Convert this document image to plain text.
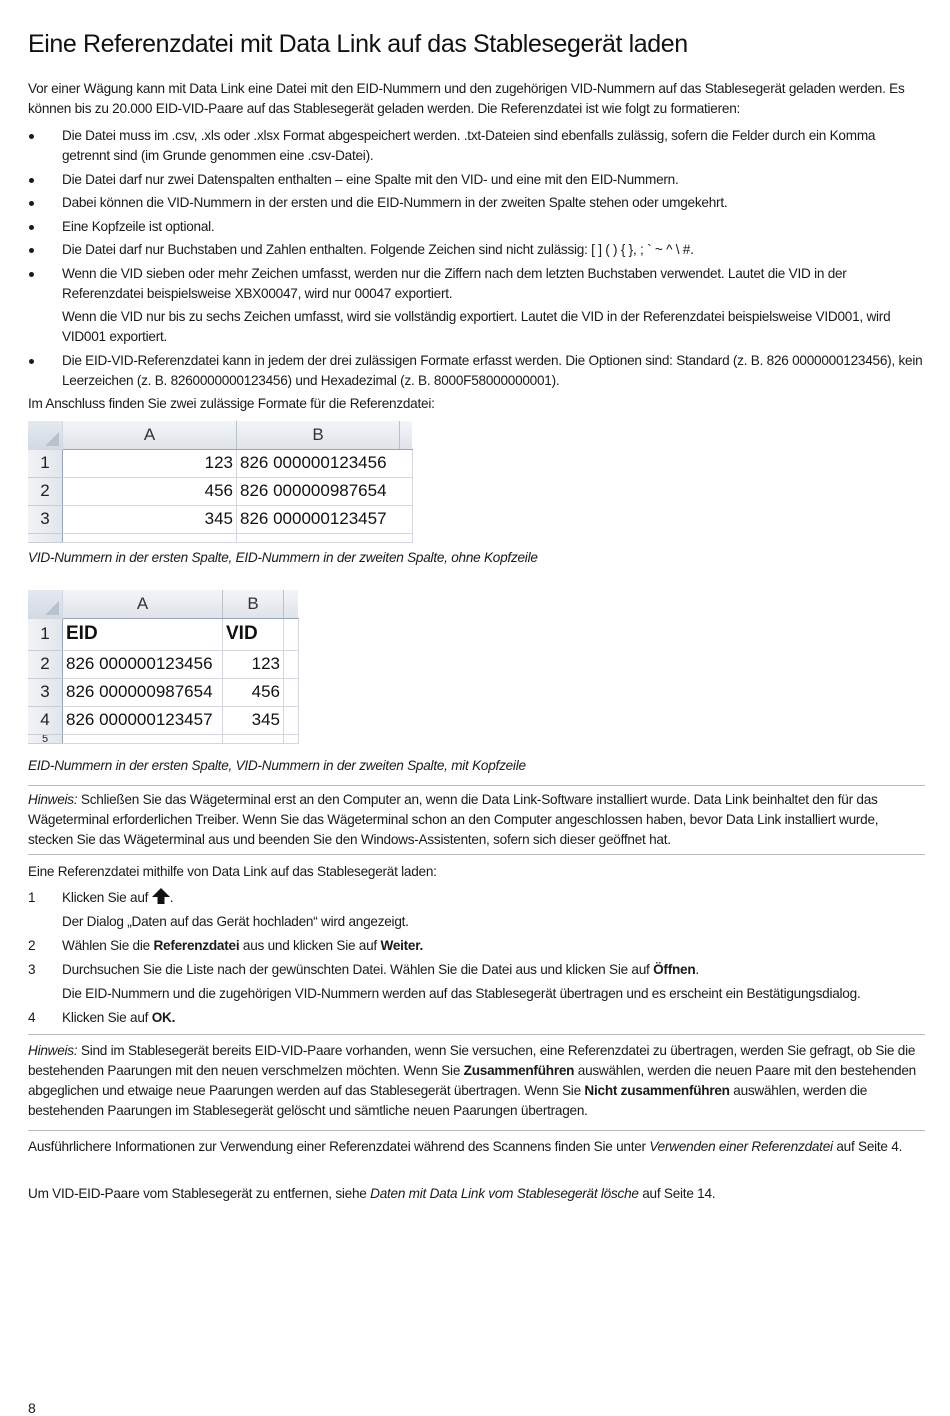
Eine Referenzdatei mit Data Link auf das Stablesegerät laden

Vor einer Wägung kann mit Data Link eine Datei mit den EID-Nummern und den zugehörigen VID-Nummern auf das Stablesegerät geladen werden. Es können bis zu 20.000 EID-VID-Paare auf das Stablesegerät geladen werden. Die Referenzdatei ist wie folgt zu formatieren:

Die Datei muss im .csv, .xls oder .xlsx Format abgespeichert werden. .txt-Dateien sind ebenfalls zulässig, sofern die Felder durch ein Komma getrennt sind (im Grunde genommen eine .csv-Datei).
Die Datei darf nur zwei Datenspalten enthalten – eine Spalte mit den VID- und eine mit den EID-Nummern.
Dabei können die VID-Nummern in der ersten und die EID-Nummern in der zweiten Spalte stehen oder umgekehrt.
Eine Kopfzeile ist optional.
Die Datei darf nur Buchstaben und Zahlen enthalten. Folgende Zeichen sind nicht zulässig: [ ] ( ) { }, ; ` ~ ^ \ #.
Wenn die VID sieben oder mehr Zeichen umfasst, werden nur die Ziffern nach dem letzten Buchstaben verwendet. Lautet die VID in der Referenzdatei beispielsweise XBX00047, wird nur 00047 exportiert.
Wenn die VID nur bis zu sechs Zeichen umfasst, wird sie vollständig exportiert. Lautet die VID in der Referenzdatei beispielsweise VID001, wird VID001 exportiert.
Die EID-VID-Referenzdatei kann in jedem der drei zulässigen Formate erfasst werden. Die Optionen sind: Standard (z. B. 826 0000000123456), kein Leerzeichen (z. B. 8260000000123456) und Hexadezimal (z. B. 8000F58000000001).

Im Anschluss finden Sie zwei zulässige Formate für die Referenzdatei:

	A	B	
1	123	826 000000123456	
2	456	826 000000987654	
3	345	826 000000123457	

VID-Nummern in der ersten Spalte, EID-Nummern in der zweiten Spalte, ohne Kopfzeile

	A	B	
1	EID	VID	
2	826 000000123456	123	
3	826 000000987654	456	
4	826 000000123457	345	
5			

EID-Nummern in der ersten Spalte, VID-Nummern in der zweiten Spalte, mit Kopfzeile

Hinweis: Schließen Sie das Wägeterminal erst an den Computer an, wenn die Data Link-Software installiert wurde. Data Link beinhaltet den für das Wägeterminal erforderlichen Treiber. Wenn Sie das Wägeterminal schon an den Computer angeschlossen haben, bevor Data Link installiert wurde, stecken Sie das Wägeterminal aus und beenden Sie den Windows-Assistenten, sofern sich dieser geöffnet hat.

Eine Referenzdatei mithilfe von Data Link auf das Stablesegerät laden:

1 Klicken Sie auf .
Der Dialog „Daten auf das Gerät hochladen“ wird angezeigt.
2 Wählen Sie die Referenzdatei aus und klicken Sie auf Weiter.
3 Durchsuchen Sie die Liste nach der gewünschten Datei. Wählen Sie die Datei aus und klicken Sie auf Öffnen.
Die EID-Nummern und die zugehörigen VID-Nummern werden auf das Stablesegerät übertragen und es erscheint ein Bestätigungsdialog.
4 Klicken Sie auf OK.

Hinweis: Sind im Stablesegerät bereits EID-VID-Paare vorhanden, wenn Sie versuchen, eine Referenzdatei zu übertragen, werden Sie gefragt, ob Sie die bestehenden Paarungen mit den neuen verschmelzen möchten. Wenn Sie Zusammenführen auswählen, werden die neuen Paare mit den bestehenden abgeglichen und etwaige neue Paarungen werden auf das Stablesegerät übertragen. Wenn Sie Nicht zusammenführen auswählen, werden die bestehenden Paarungen im Stablesegerät gelöscht und sämtliche neuen Paarungen übertragen.

Ausführlichere Informationen zur Verwendung einer Referenzdatei während des Scannens finden Sie unter Verwenden einer Referenzdatei auf Seite 4.

Um VID-EID-Paare vom Stablesegerät zu entfernen, siehe Daten mit Data Link vom Stablesegerät lösche auf Seite 14.

8
